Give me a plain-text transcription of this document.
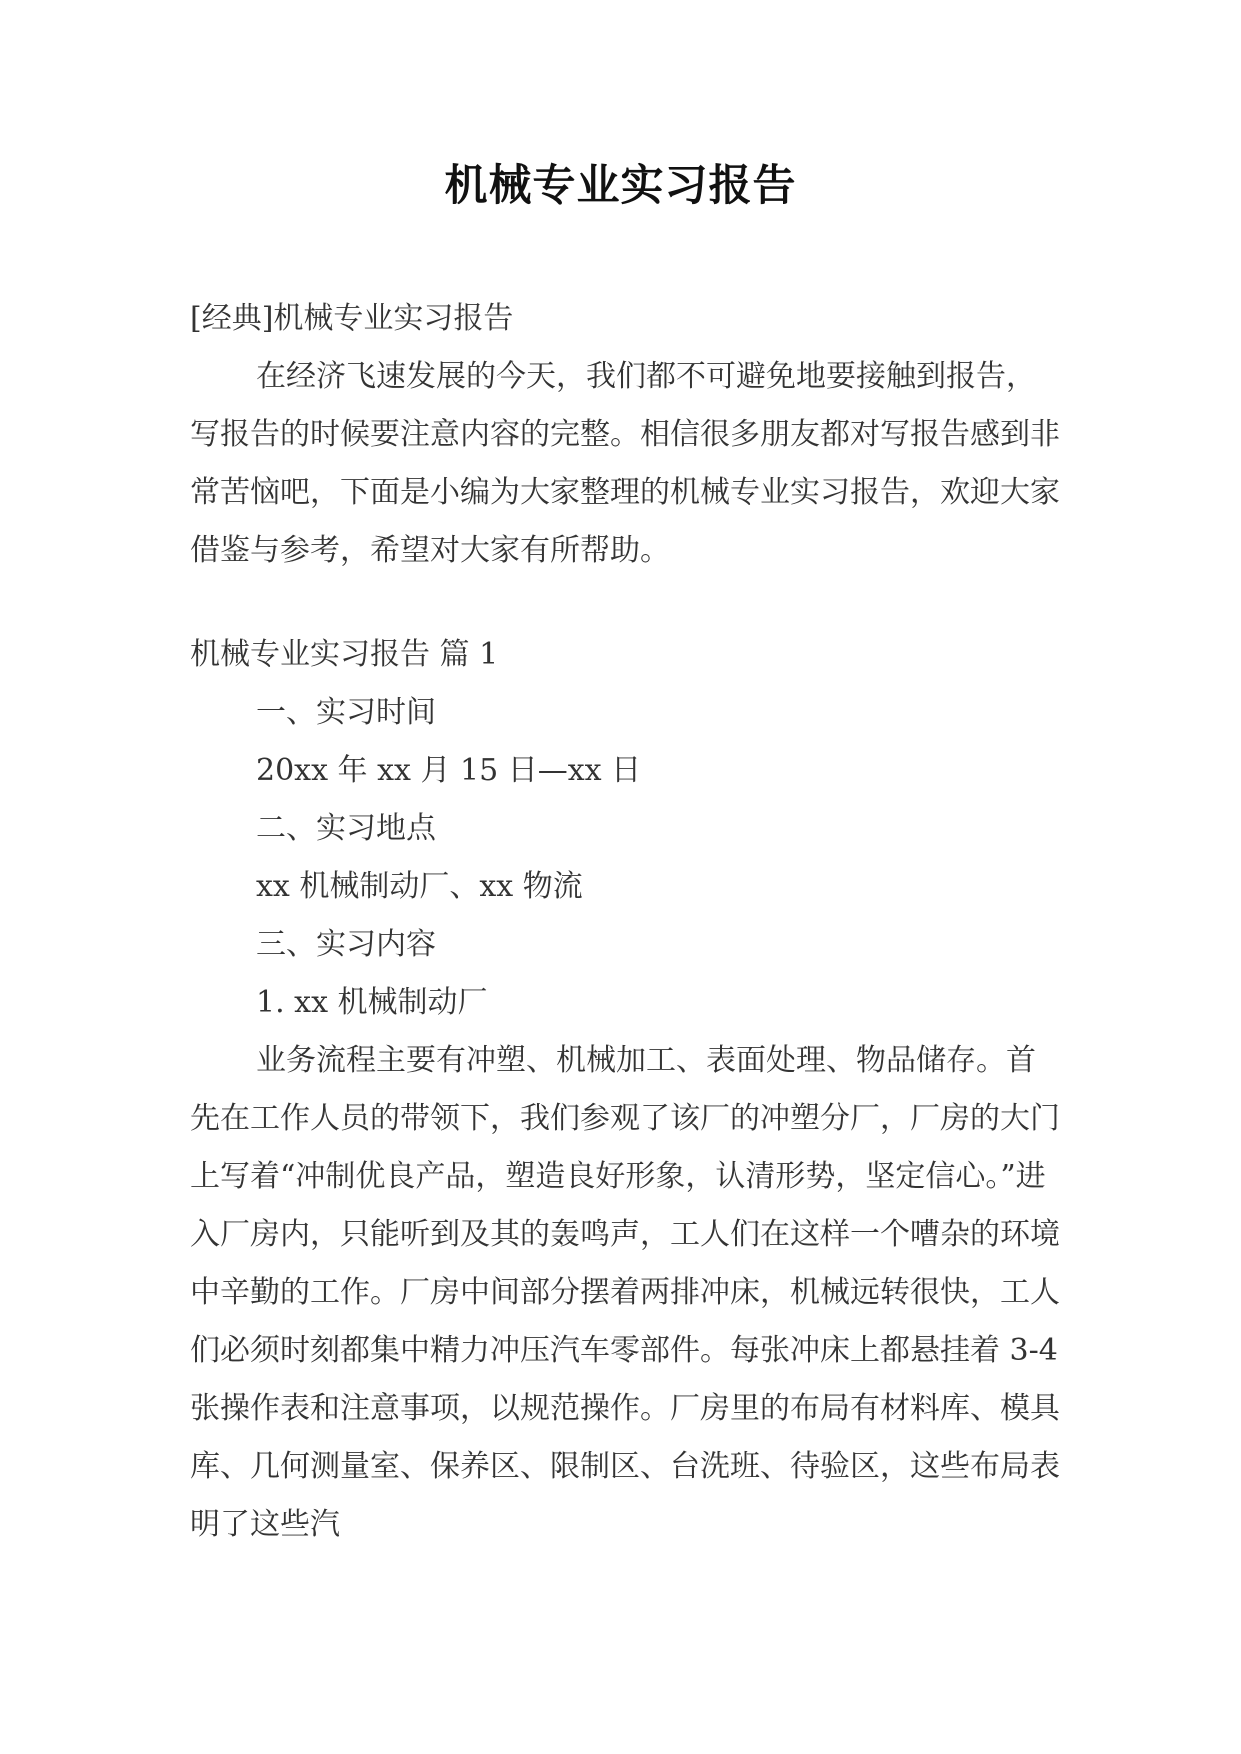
机械专业实习报告

[经典]机械专业实习报告

在经济飞速发展的今天，我们都不可避免地要接触到报告，写报告的时候要注意内容的完整。相信很多朋友都对写报告感到非常苦恼吧，下面是小编为大家整理的机械专业实习报告，欢迎大家借鉴与参考，希望对大家有所帮助。

机械专业实习报告 篇 1

一、实习时间

20xx 年 xx 月 15 日—xx 日

二、实习地点

xx 机械制动厂、xx 物流

三、实习内容

1. xx 机械制动厂

业务流程主要有冲塑、机械加工、表面处理、物品储存。首先在工作人员的带领下，我们参观了该厂的冲塑分厂，厂房的大门上写着“冲制优良产品，塑造良好形象，认清形势，坚定信心。”进入厂房内，只能听到及其的轰鸣声，工人们在这样一个嘈杂的环境中辛勤的工作。厂房中间部分摆着两排冲床，机械远转很快，工人们必须时刻都集中精力冲压汽车零部件。每张冲床上都悬挂着 3-4 张操作表和注意事项，以规范操作。厂房里的布局有材料库、模具库、几何测量室、保养区、限制区、台洗班、待验区，这些布局表明了这些汽
